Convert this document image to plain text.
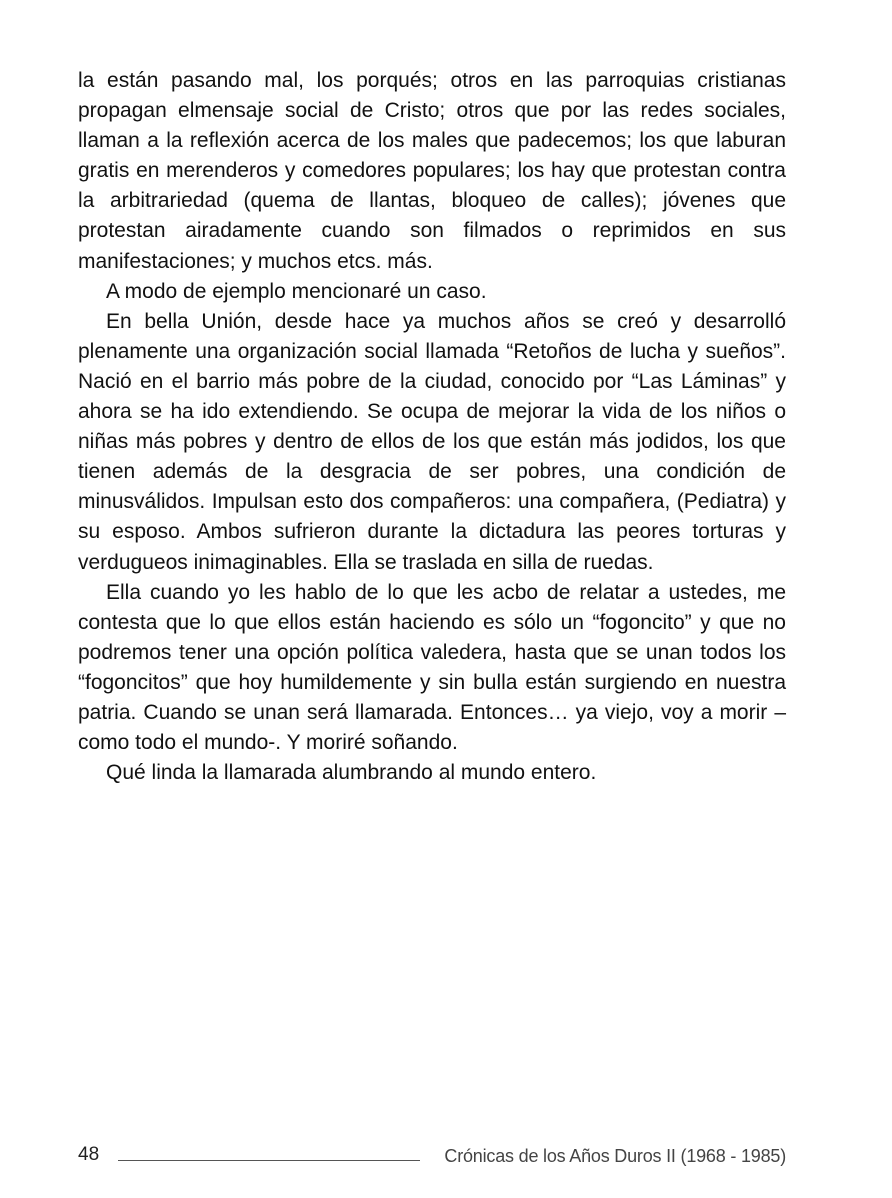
la están pasando mal, los porqués; otros en las parroquias cristianas propagan elmensaje social de Cristo; otros que por las redes sociales, llaman a la reflexión acerca de los males que padecemos; los que laburan gratis en merenderos y comedores populares; los hay que protestan contra la arbitrariedad (quema de llantas, bloqueo de calles); jóvenes que protestan airadamente cuando son filmados o reprimidos en sus manifestaciones; y muchos etcs. más.

A modo de ejemplo mencionaré un caso.

En bella Unión, desde hace ya muchos años se creó y desarrolló plenamente una organización social llamada “Retoños de lucha y sueños”. Nació en el barrio más pobre de la ciudad, conocido por “Las Láminas” y ahora se ha ido extendiendo. Se ocupa de mejorar la vida de los niños o niñas más pobres y dentro de ellos de los que están más jodidos, los que tienen además de la desgracia de ser pobres, una condición de minusválidos. Impulsan esto dos compañeros: una compañera, (Pediatra) y su esposo. Ambos sufrieron durante la dictadura las peores torturas y verdugueos inimaginables. Ella se traslada en silla de ruedas.

Ella cuando yo les hablo de lo que les acbo de relatar a ustedes, me contesta que lo que ellos están haciendo es sólo un “fogoncito” y que no podremos tener una opción política valedera, hasta que se unan todos los “fogoncitos” que hoy humildemente y sin bulla están surgiendo en nuestra patria. Cuando se unan será llamarada. Entonces… ya viejo, voy a morir –como todo el mundo-. Y moriré soñando.

Qué linda la llamarada alumbrando al mundo entero.

48	Crónicas de los Años Duros II (1968 - 1985)
